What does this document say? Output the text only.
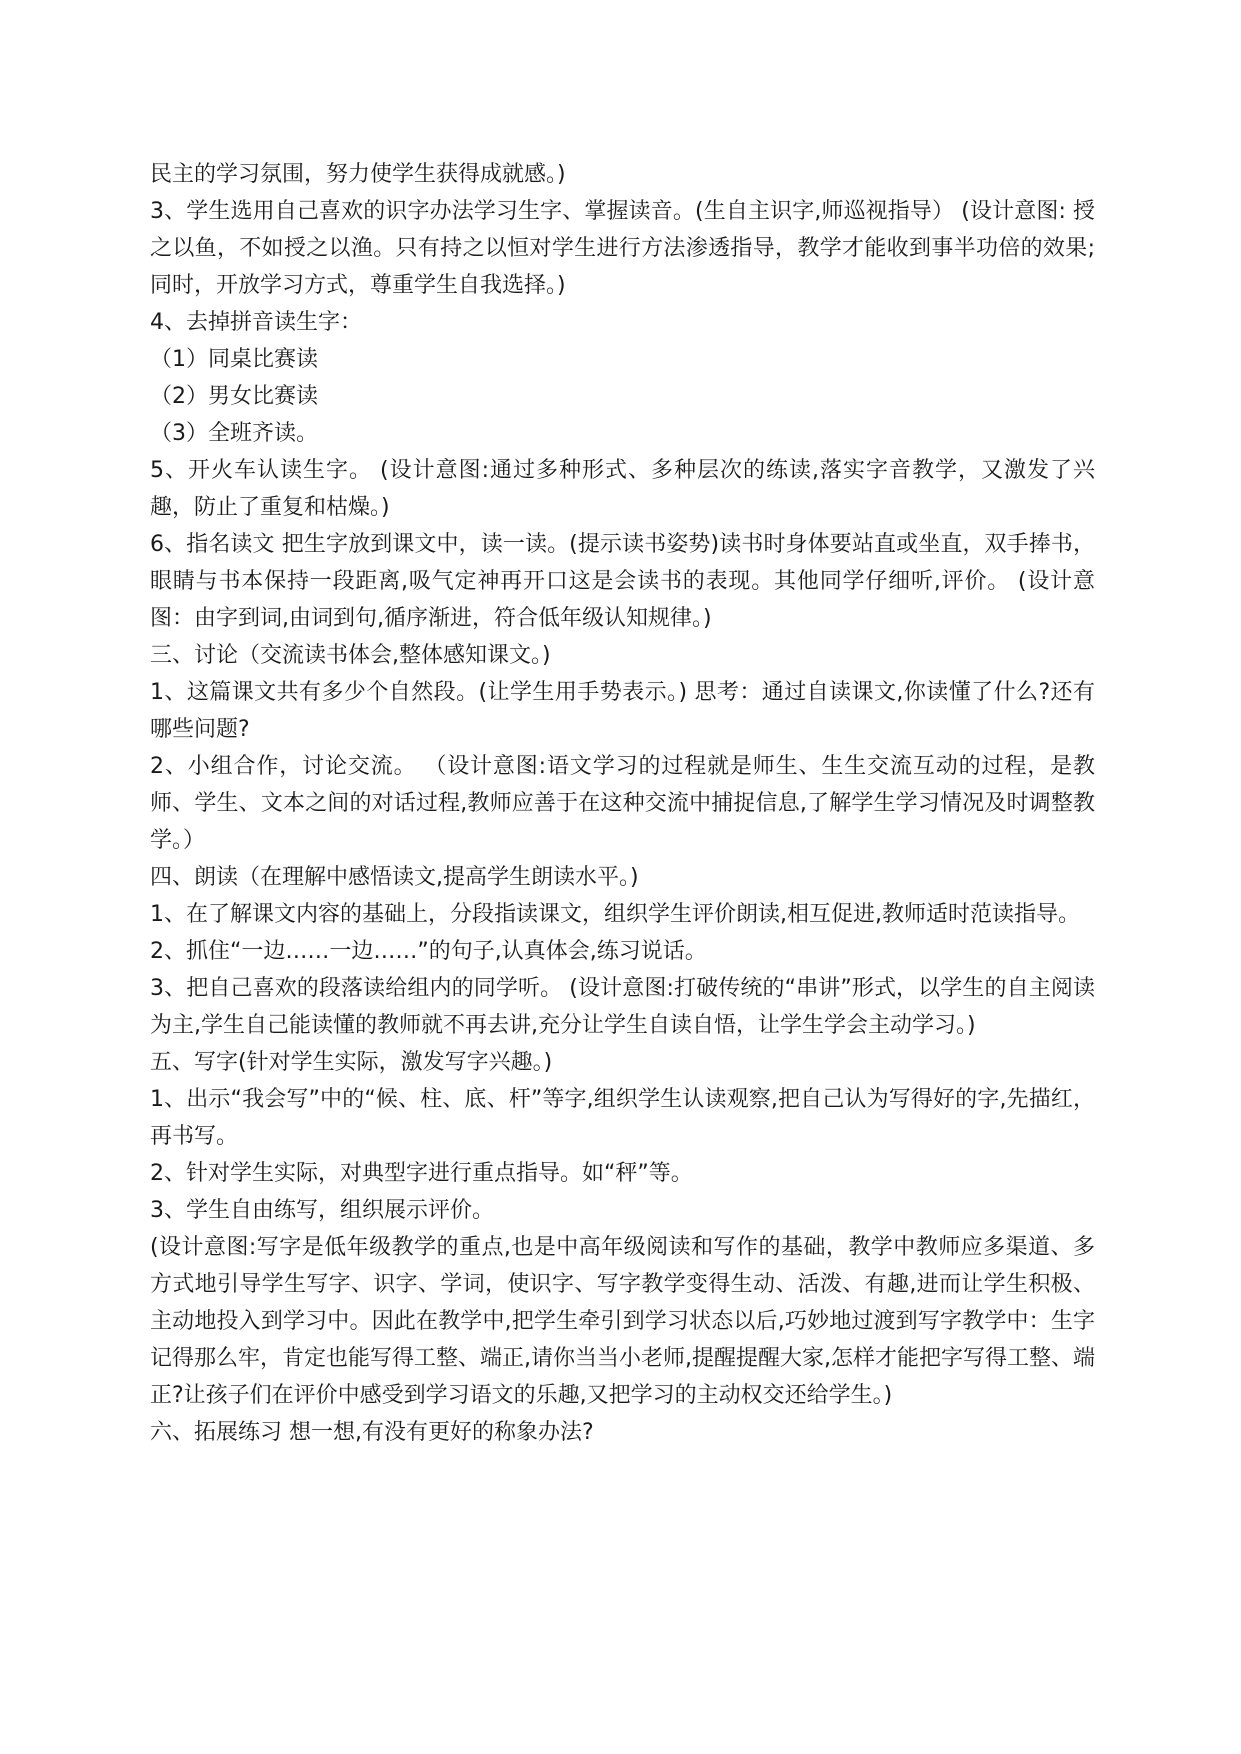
民主的学习氛围，努力使学生获得成就感。)

3、学生选用自己喜欢的识字办法学习生字、掌握读音。(生自主识字,师巡视指导） (设计意图: 授之以鱼，不如授之以渔。只有持之以恒对学生进行方法渗透指导，教学才能收到事半功倍的效果;同时，开放学习方式，尊重学生自我选择。)

4、去掉拼音读生字：

（1）同桌比赛读

（2）男女比赛读

（3）全班齐读。

5、开火车认读生字。 (设计意图:通过多种形式、多种层次的练读,落实字音教学，又激发了兴趣，防止了重复和枯燥。)

6、指名读文 把生字放到课文中，读一读。(提示读书姿势)读书时身体要站直或坐直，双手捧书，眼睛与书本保持一段距离,吸气定神再开口这是会读书的表现。其他同学仔细听,评价。 (设计意图：由字到词,由词到句,循序渐进，符合低年级认知规律。)

三、讨论（交流读书体会,整体感知课文。)

1、这篇课文共有多少个自然段。(让学生用手势表示。) 思考：通过自读课文,你读懂了什么?还有哪些问题?

2、小组合作，讨论交流。 （设计意图:语文学习的过程就是师生、生生交流互动的过程，是教师、学生、文本之间的对话过程,教师应善于在这种交流中捕捉信息,了解学生学习情况及时调整教学。）

四、朗读（在理解中感悟读文,提高学生朗读水平。)

1、在了解课文内容的基础上，分段指读课文，组织学生评价朗读,相互促进,教师适时范读指导。

2、抓住“一边……一边……”的句子,认真体会,练习说话。

3、把自己喜欢的段落读给组内的同学听。 (设计意图:打破传统的“串讲”形式，以学生的自主阅读为主,学生自己能读懂的教师就不再去讲,充分让学生自读自悟，让学生学会主动学习。)

五、写字(针对学生实际，激发写字兴趣。)

1、出示“我会写”中的“候、柱、底、杆”等字,组织学生认读观察,把自己认为写得好的字,先描红，再书写。

2、针对学生实际，对典型字进行重点指导。如“秤”等。

3、学生自由练写，组织展示评价。

(设计意图:写字是低年级教学的重点,也是中高年级阅读和写作的基础，教学中教师应多渠道、多方式地引导学生写字、识字、学词，使识字、写字教学变得生动、活泼、有趣,进而让学生积极、主动地投入到学习中。因此在教学中,把学生牵引到学习状态以后,巧妙地过渡到写字教学中：生字记得那么牢，肯定也能写得工整、端正,请你当当小老师,提醒提醒大家,怎样才能把字写得工整、端正?让孩子们在评价中感受到学习语文的乐趣,又把学习的主动权交还给学生。)

六、拓展练习 想一想,有没有更好的称象办法?
